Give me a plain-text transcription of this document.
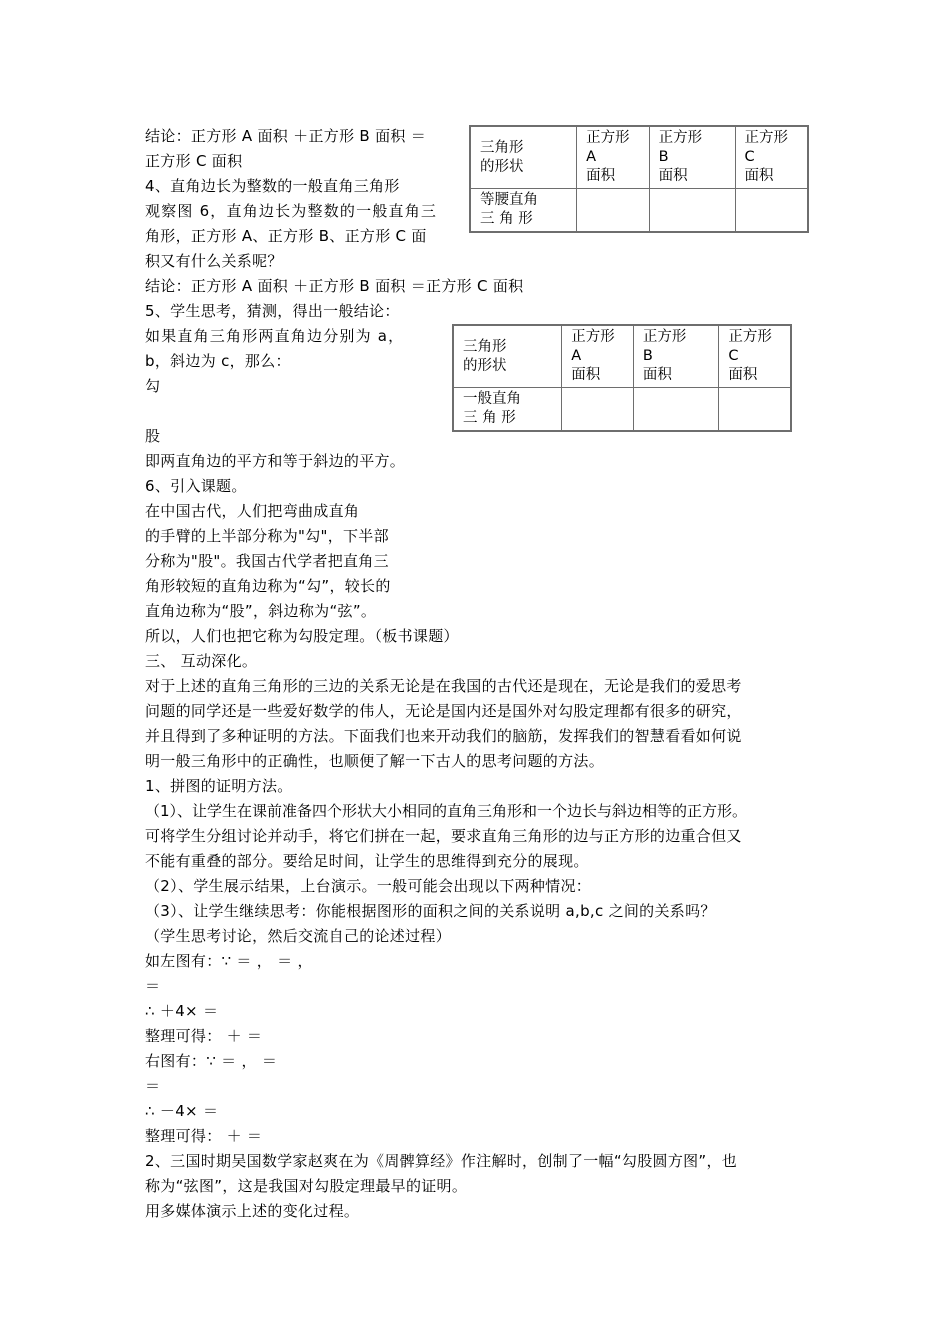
结论：正方形 A 面积 ＋正方形 B 面积 ＝
正方形 C 面积
4、直角边长为整数的一般直角三角形
观察图 6，直角边长为整数的一般直角三
角形，正方形 A、正方形 B、正方形 C 面
积又有什么关系呢？
结论：正方形 A 面积 ＋正方形 B 面积 ＝正方形 C 面积
5、学生思考，猜测，得出一般结论：
如果直角三角形两直角边分别为 a，
b，斜边为 c，那么：
勾
股
即两直角边的平方和等于斜边的平方。
6、引入课题。
在中国古代，人们把弯曲成直角
的手臂的上半部分称为"勾"，下半部
分称为"股"。我国古代学者把直角三
角形较短的直角边称为“勾”，较长的
直角边称为“股”，斜边称为“弦”。
所以，人们也把它称为勾股定理。（板书课题）
三、 互动深化。
对于上述的直角三角形的三边的关系无论是在我国的古代还是现在，无论是我们的爱思考
问题的同学还是一些爱好数学的伟人，无论是国内还是国外对勾股定理都有很多的研究，
并且得到了多种证明的方法。下面我们也来开动我们的脑筋，发挥我们的智慧看看如何说
明一般三角形中的正确性，也顺便了解一下古人的思考问题的方法。
1、拼图的证明方法。
（1）、让学生在课前准备四个形状大小相同的直角三角形和一个边长与斜边相等的正方形。
可将学生分组讨论并动手，将它们拼在一起，要求直角三角形的边与正方形的边重合但又
不能有重叠的部分。要给足时间，让学生的思维得到充分的展现。
（2）、学生展示结果，上台演示。一般可能会出现以下两种情况：
（3）、让学生继续思考：你能根据图形的面积之间的关系说明 a,b,c 之间的关系吗？
（学生思考讨论，然后交流自己的论述过程）
如左图有：∵ ＝ ， ＝ ，
＝
∴ ＋4× ＝
整理可得： ＋ ＝
右图有：∵ ＝ ， ＝
＝
∴ －4× ＝
整理可得： ＋ ＝
2、三国时期吴国数学家赵爽在为《周髀算经》作注解时，创制了一幅“勾股圆方图”，也
称为“弦图”，这是我国对勾股定理最早的证明。
用多媒体演示上述的变化过程。
三角形
的形状	正方形
A
面积	正方形
B
面积	正方形
C
面积

等腰直角
三 角 形			

三角形
的形状	正方形
A
面积	正方形
B
面积	正方形
C
面积

一般直角
三 角 形			
